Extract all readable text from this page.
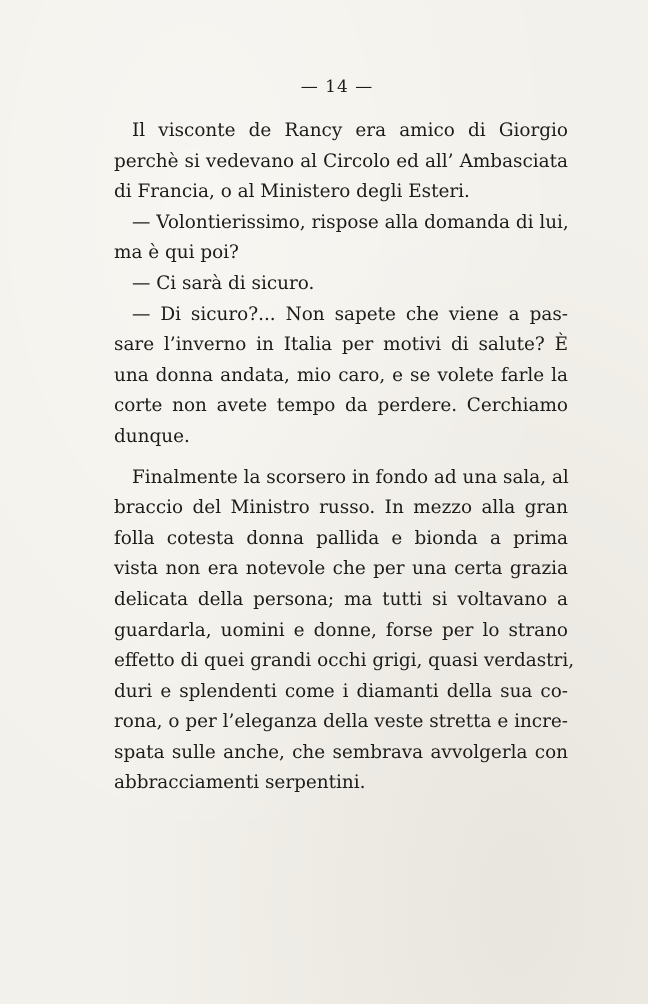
— 14 —
Il visconte de Rancy era amico di Giorgio
perchè si vedevano al Circolo ed all’ Ambasciata
di Francia, o al Ministero degli Esteri.
— Volontierissimo, rispose alla domanda di lui,
ma è qui poi?
— Ci sarà di sicuro.
— Di sicuro?... Non sapete che viene a pas-
sare l’inverno in Italia per motivi di salute? È
una donna andata, mio caro, e se volete farle la
corte non avete tempo da perdere. Cerchiamo
dunque.
Finalmente la scorsero in fondo ad una sala, al
braccio del Ministro russo. In mezzo alla gran
folla cotesta donna pallida e bionda a prima
vista non era notevole che per una certa grazia
delicata della persona; ma tutti si voltavano a
guardarla, uomini e donne, forse per lo strano
effetto di quei grandi occhi grigi, quasi verdastri,
duri e splendenti come i diamanti della sua co-
rona, o per l’eleganza della veste stretta e incre-
spata sulle anche, che sembrava avvolgerla con
abbracciamenti serpentini.
